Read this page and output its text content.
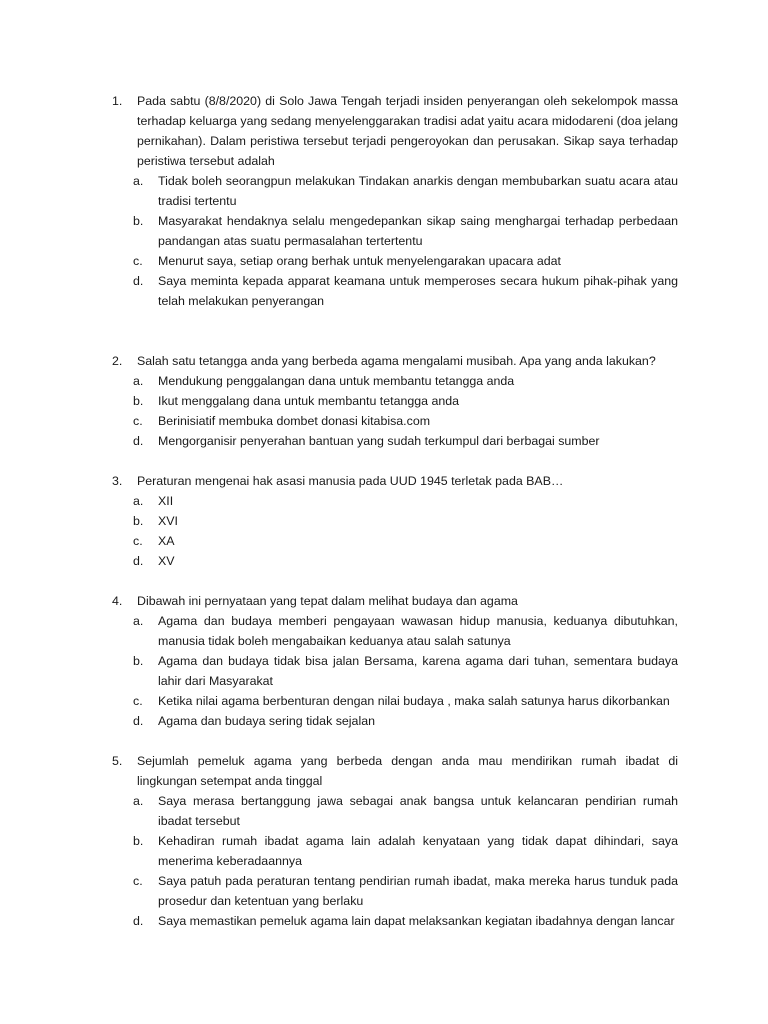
1.	Pada sabtu (8/8/2020) di Solo Jawa Tengah terjadi insiden penyerangan oleh sekelompok massa terhadap keluarga yang sedang menyelenggarakan tradisi adat yaitu acara midodareni (doa jelang pernikahan). Dalam peristiwa tersebut terjadi pengeroyokan dan perusakan. Sikap saya terhadap peristiwa tersebut adalah
a.	Tidak boleh seorangpun melakukan Tindakan anarkis dengan membubarkan suatu acara atau tradisi tertentu
b.	Masyarakat hendaknya selalu mengedepankan sikap saing menghargai terhadap perbedaan pandangan atas suatu permasalahan tertertentu
c.	Menurut saya, setiap orang berhak untuk menyelengarakan upacara adat
d.	Saya meminta kepada apparat keamana untuk memperoses secara hukum pihak-pihak yang telah melakukan penyerangan
2.	Salah satu tetangga anda yang berbeda agama mengalami musibah. Apa yang anda lakukan?
a.	Mendukung penggalangan dana untuk membantu tetangga anda
b.	Ikut menggalang dana untuk membantu tetangga anda
c.	Berinisiatif membuka dombet donasi kitabisa.com
d.	Mengorganisir penyerahan bantuan yang sudah terkumpul dari berbagai sumber
3.	Peraturan mengenai hak asasi manusia pada UUD 1945 terletak pada BAB…
a.	XII
b.	XVI
c.	XA
d.	XV
4.	Dibawah ini pernyataan yang tepat dalam melihat budaya dan agama
a.	Agama dan budaya memberi pengayaan wawasan hidup manusia, keduanya dibutuhkan, manusia tidak boleh mengabaikan keduanya atau salah satunya
b.	Agama dan budaya tidak bisa jalan Bersama, karena agama dari tuhan, sementara budaya lahir dari Masyarakat
c.	Ketika nilai agama berbenturan dengan nilai budaya , maka salah satunya harus dikorbankan
d.	Agama dan budaya sering tidak sejalan
5.	Sejumlah pemeluk agama yang berbeda dengan anda mau mendirikan rumah ibadat di lingkungan setempat anda tinggal
a.	Saya merasa bertanggung jawa sebagai anak bangsa untuk kelancaran pendirian rumah ibadat tersebut
b.	Kehadiran rumah ibadat agama lain adalah kenyataan yang tidak dapat dihindari, saya menerima keberadaannya
c.	Saya patuh pada peraturan tentang pendirian rumah ibadat, maka mereka harus tunduk pada prosedur dan ketentuan yang berlaku
d.	Saya memastikan pemeluk agama lain dapat melaksankan kegiatan ibadahnya dengan lancar
